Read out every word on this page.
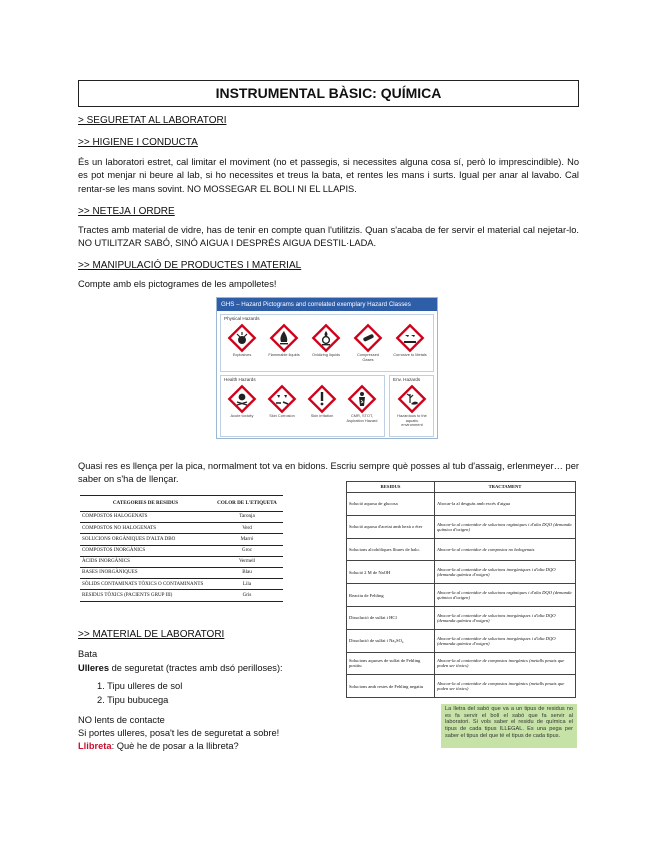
INSTRUMENTAL BÀSIC: QUÍMICA
> SEGURETAT AL LABORATORI
>> HIGIENE I CONDUCTA
És un laboratori estret, cal limitar el moviment (no et passegis, si necessites alguna cosa sí, però lo imprescindible). No es pot menjar ni beure al lab, si ho necessites et treus la bata, et rentes les mans i surts. Igual per anar al lavabo. Cal rentar-se les mans sovint. NO MOSSEGAR EL BOLI NI EL LLAPIS.
>> NETEJA I ORDRE
Tractes amb material de vidre, has de tenir en compte quan l'utilitzis. Quan s'acaba de fer servir el material cal nejetar-lo. NO UTILITZAR SABÓ, SINÓ AIGUA I DESPRÉS AIGUA DESTIL·LADA.
>> MANIPULACIÓ DE PRODUCTES I MATERIAL
Compte amb els pictogrames de les ampolletes!
GHS – Hazard Pictograms and correlated exemplary Hazard Classes
Physical Hazards
Explosives	Flammable liquids	Oxidizing liquids	Compressed Gases
Corrosive to Metals
Health Hazards
Acute toxicity	Skin Corrosion	Skin irritation	CMR, STOT, Aspiration Hazard
Env. Hazards
Hazardous to the aquatic environment
Quasi res es llença per la pica, normalment tot va en bidons. Escriu sempre què posses al tub d'assaig, erlenmeyer… per saber on s'ha de llençar.
CATEGORIES DE RESIDUS	COLOR DE L'ETIQUETA
COMPOSTOS HALOGENATS	Taronja
COMPOSTOS NO HALOGENATS	Verd
SOLUCIONS ORGÀNIQUES D'ALTA DBO	Marró
COMPOSTOS INORGÀNICS	Groc
ÀCIDS INORGÀNICS	Vermell
BASES INORGÀNIQUES	Blau
SÒLIDS CONTAMINATS TÒXICS O CONTAMINANTS	Lila
RESIDUS TÒXICS (PACIENTS GRUP III)	Gris
RESIDUS	TRACTAMENT
Solució aquosa de glucosa	Abocar-la al desguàs amb excés d'aigua
Solució aquosa d'acetat amb hexà o èter	Abocar-la al contenidor de solucions orgàniques i d'alta DQO (demanda química d'oxigen)
Solucions alcohòliques lliures de halo.	Abocar-la al contenidor de compostos no halogenats
Solució 2 M de NaOH	Abocar-la al contenidor de solucions inorgàniques i d'alta DQO (demanda química d'oxigen)
Reactiu de Fehling	Abocar-la al contenidor de solucions orgàniques i d'alta DQO (demanda química d'oxigen)
Dissolució de sulfat i HCl	Abocar-la al contenidor de solucions inorgàniques i d'alta DQO (demanda química d'oxigen)
Dissolució de sulfat i Na₂SO₄	Abocar-la al contenidor de solucions inorgàniques i d'alta DQO (demanda química d'oxigen)
Solucions aquoses de sulfat de Fehling positiu	Abocar-la al contenidor de compostos inorgànics (metalls pesats que poden ser tòxics)
Solucions amb restes de Fehling negatiu	Abocar-la al contenidor de compostos inorgànics (metalls pesats que poden ser tòxics)
>> MATERIAL DE LABORATORI
Bata
Ulleres de seguretat (tractes amb dsó perilloses):
1. Tipu ulleres de sol
2. Tipu bubucega
NO lents de contacte
Si portes ulleres, posa't les de seguretat a sobre!
Llibreta: Què he de posar a la llibreta?
La lletra del sabó que va a un tipus de residus no es fa servir el bolí el sabó que fa servir al laboratori. Si vols saber el residu de química el tipus de cada tipus ILLEGAL. Es una pega per saber el tipus del que té el tipus de cada tipus.
